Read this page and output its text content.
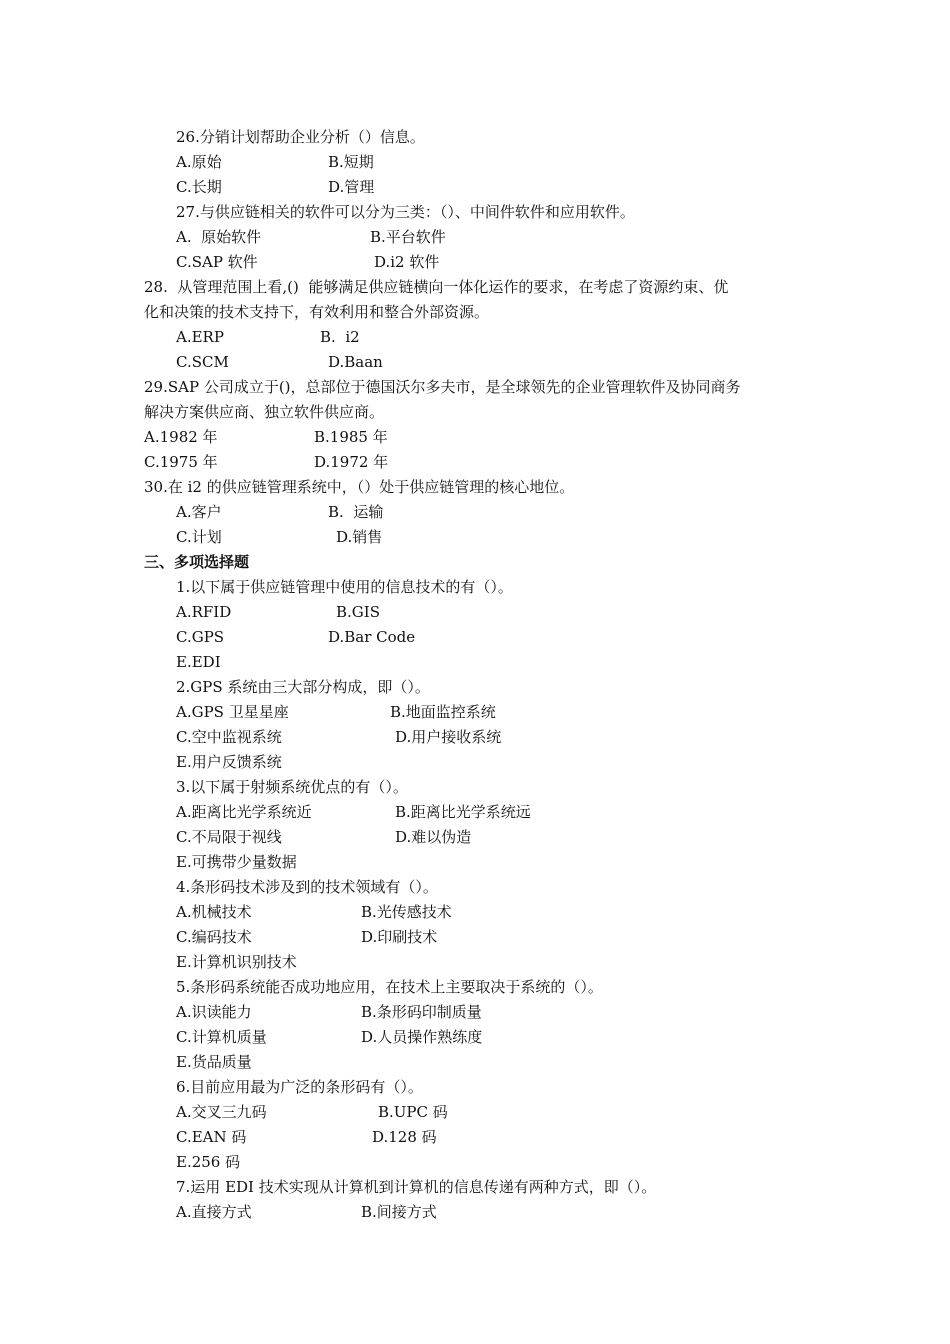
26.分销计划帮助企业分析（）信息。
A.原始	B.短期
C.长期	D.管理
27.与供应链相关的软件可以分为三类：（）、中间件软件和应用软件。
A.  原始软件	B.平台软件
C.SAP 软件	D.i2 软件
28.  从管理范围上看,()  能够满足供应链横向一体化运作的要求，在考虑了资源约束、优
化和决策的技术支持下，有效利用和整合外部资源。
A.ERP	B.  i2
C.SCM	D.Baan
29.SAP 公司成立于()，总部位于德国沃尔多夫市，是全球领先的企业管理软件及协同商务
解决方案供应商、独立软件供应商。
A.1982 年	B.1985 年
C.1975 年	D.1972 年
30.在 i2 的供应链管理系统中，（）处于供应链管理的核心地位。
A.客户	B.  运输
C.计划	D.销售
三、多项选择题
1.以下属于供应链管理中使用的信息技术的有（）。
A.RFID	B.GIS
C.GPS	D.Bar Code
E.EDI
2.GPS 系统由三大部分构成，即（）。
A.GPS 卫星星座	B.地面监控系统
C.空中监视系统	D.用户接收系统
E.用户反馈系统
3.以下属于射频系统优点的有（）。
A.距离比光学系统近	B.距离比光学系统远
C.不局限于视线	D.难以伪造
E.可携带少量数据
4.条形码技术涉及到的技术领域有（）。
A.机械技术	B.光传感技术
C.编码技术	D.印刷技术
E.计算机识别技术
5.条形码系统能否成功地应用，在技术上主要取决于系统的（）。
A.识读能力	B.条形码印制质量
C.计算机质量	D.人员操作熟练度
E.货品质量
6.目前应用最为广泛的条形码有（）。
A.交叉三九码	B.UPC 码
C.EAN 码	D.128 码
E.256 码
7.运用 EDI 技术实现从计算机到计算机的信息传递有两种方式，即（）。
A.直接方式	B.间接方式
